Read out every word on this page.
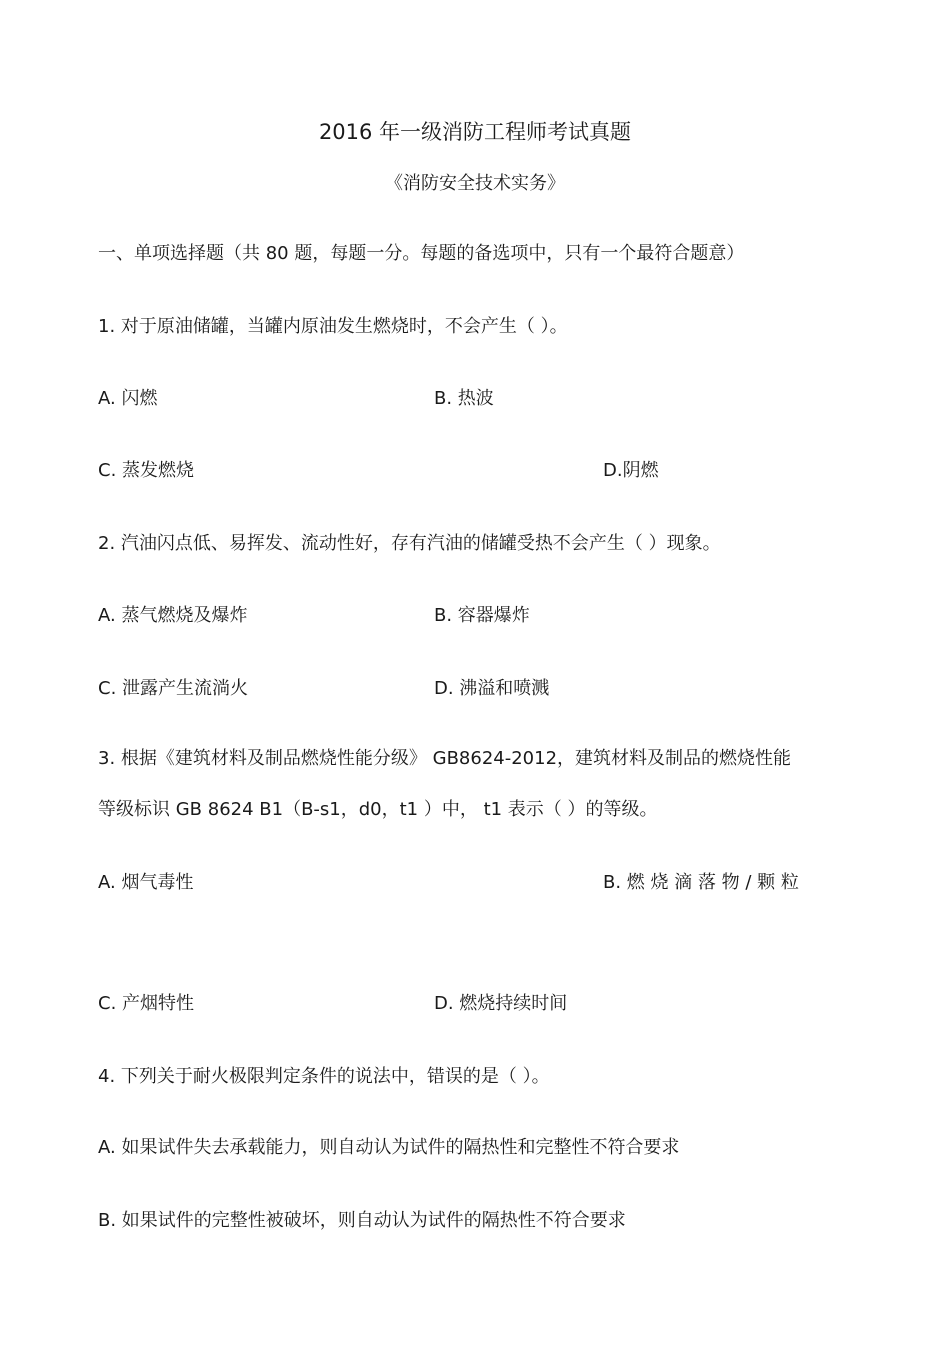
2016 年一级消防工程师考试真题
《消防安全技术实务》
一、单项选择题（共 80 题，每题一分。每题的备选项中，只有一个最符合题意）
1. 对于原油储罐，当罐内原油发生燃烧时，不会产生（ ）。
A. 闪燃	B. 热波
C. 蒸发燃烧	D.阴燃
2. 汽油闪点低、易挥发、流动性好，存有汽油的储罐受热不会产生（ ）现象。
A. 蒸气燃烧及爆炸	B. 容器爆炸
C. 泄露产生流淌火	D. 沸溢和喷溅
3. 根据《建筑材料及制品燃烧性能分级》 GB8624-2012，建筑材料及制品的燃烧性能
等级标识 GB 8624 B1（B-s1，d0，t1 ）中， t1 表示（ ）的等级。
A. 烟气毒性	B. 燃 烧 滴 落 物 / 颗 粒
C. 产烟特性	D. 燃烧持续时间
4. 下列关于耐火极限判定条件的说法中，错误的是（ ）。
A. 如果试件失去承载能力，则自动认为试件的隔热性和完整性不符合要求
B. 如果试件的完整性被破坏，则自动认为试件的隔热性不符合要求
